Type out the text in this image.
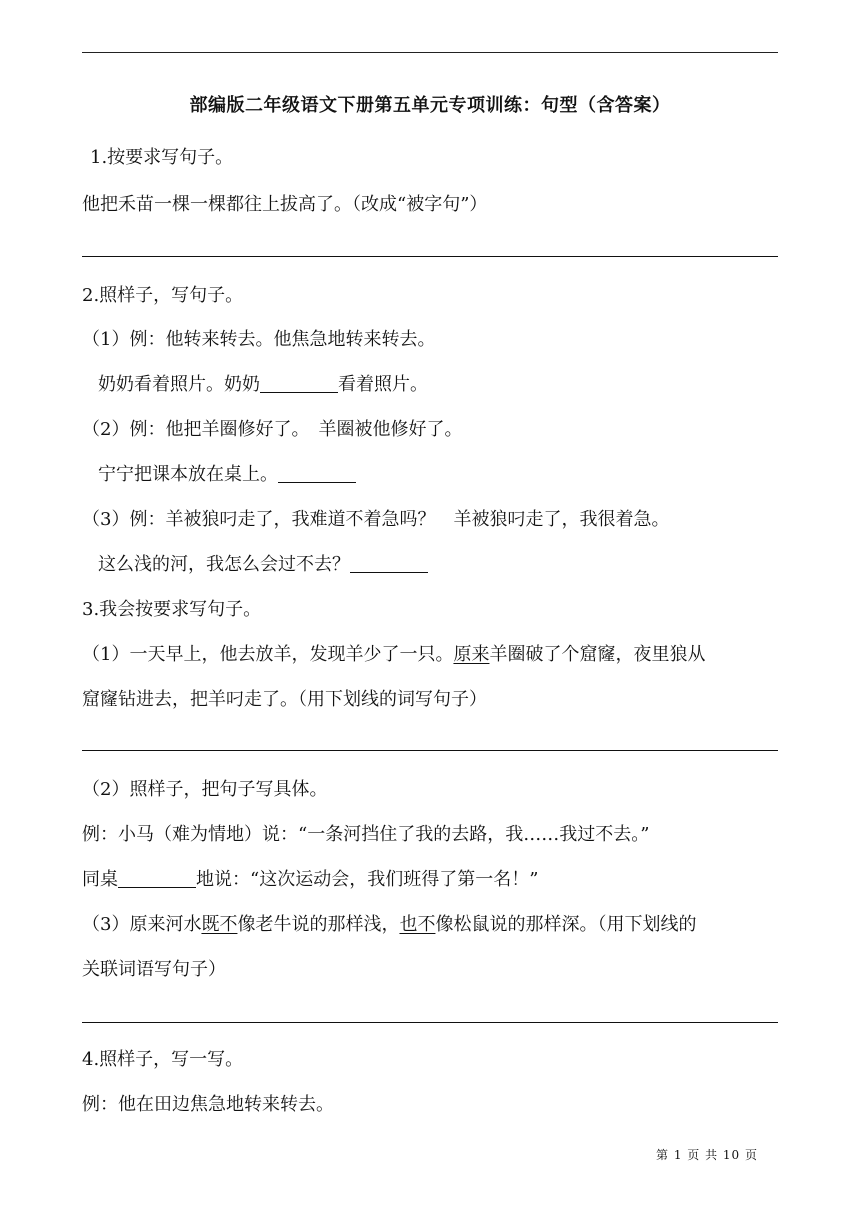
部编版二年级语文下册第五单元专项训练：句型（含答案）
1.按要求写句子。
他把禾苗一棵一棵都往上拔高了。（改成“被字句”）
2.照样子，写句子。
（1）例：他转来转去。他焦急地转来转去。
奶奶看着照片。奶奶	看着照片。
（2）例：他把羊圈修好了。　羊圈被他修好了。
宁宁把课本放在桌上。
（3）例：羊被狼叼走了，我难道不着急吗？　羊被狼叼走了，我很着急。
这么浅的河，我怎么会过不去？
3.我会按要求写句子。
（1）一天早上，他去放羊，发现羊少了一只。原来羊圈破了个窟窿，夜里狼从
窟窿钻进去，把羊叼走了。（用下划线的词写句子）
（2）照样子，把句子写具体。
例：小马（难为情地）说：“一条河挡住了我的去路，我……我过不去。”
同桌	地说：“这次运动会，我们班得了第一名！”
（3）原来河水既不像老牛说的那样浅，也不像松鼠说的那样深。（用下划线的
关联词语写句子）
4.照样子，写一写。
例：他在田边焦急地转来转去。
第 1 页 共 10 页
